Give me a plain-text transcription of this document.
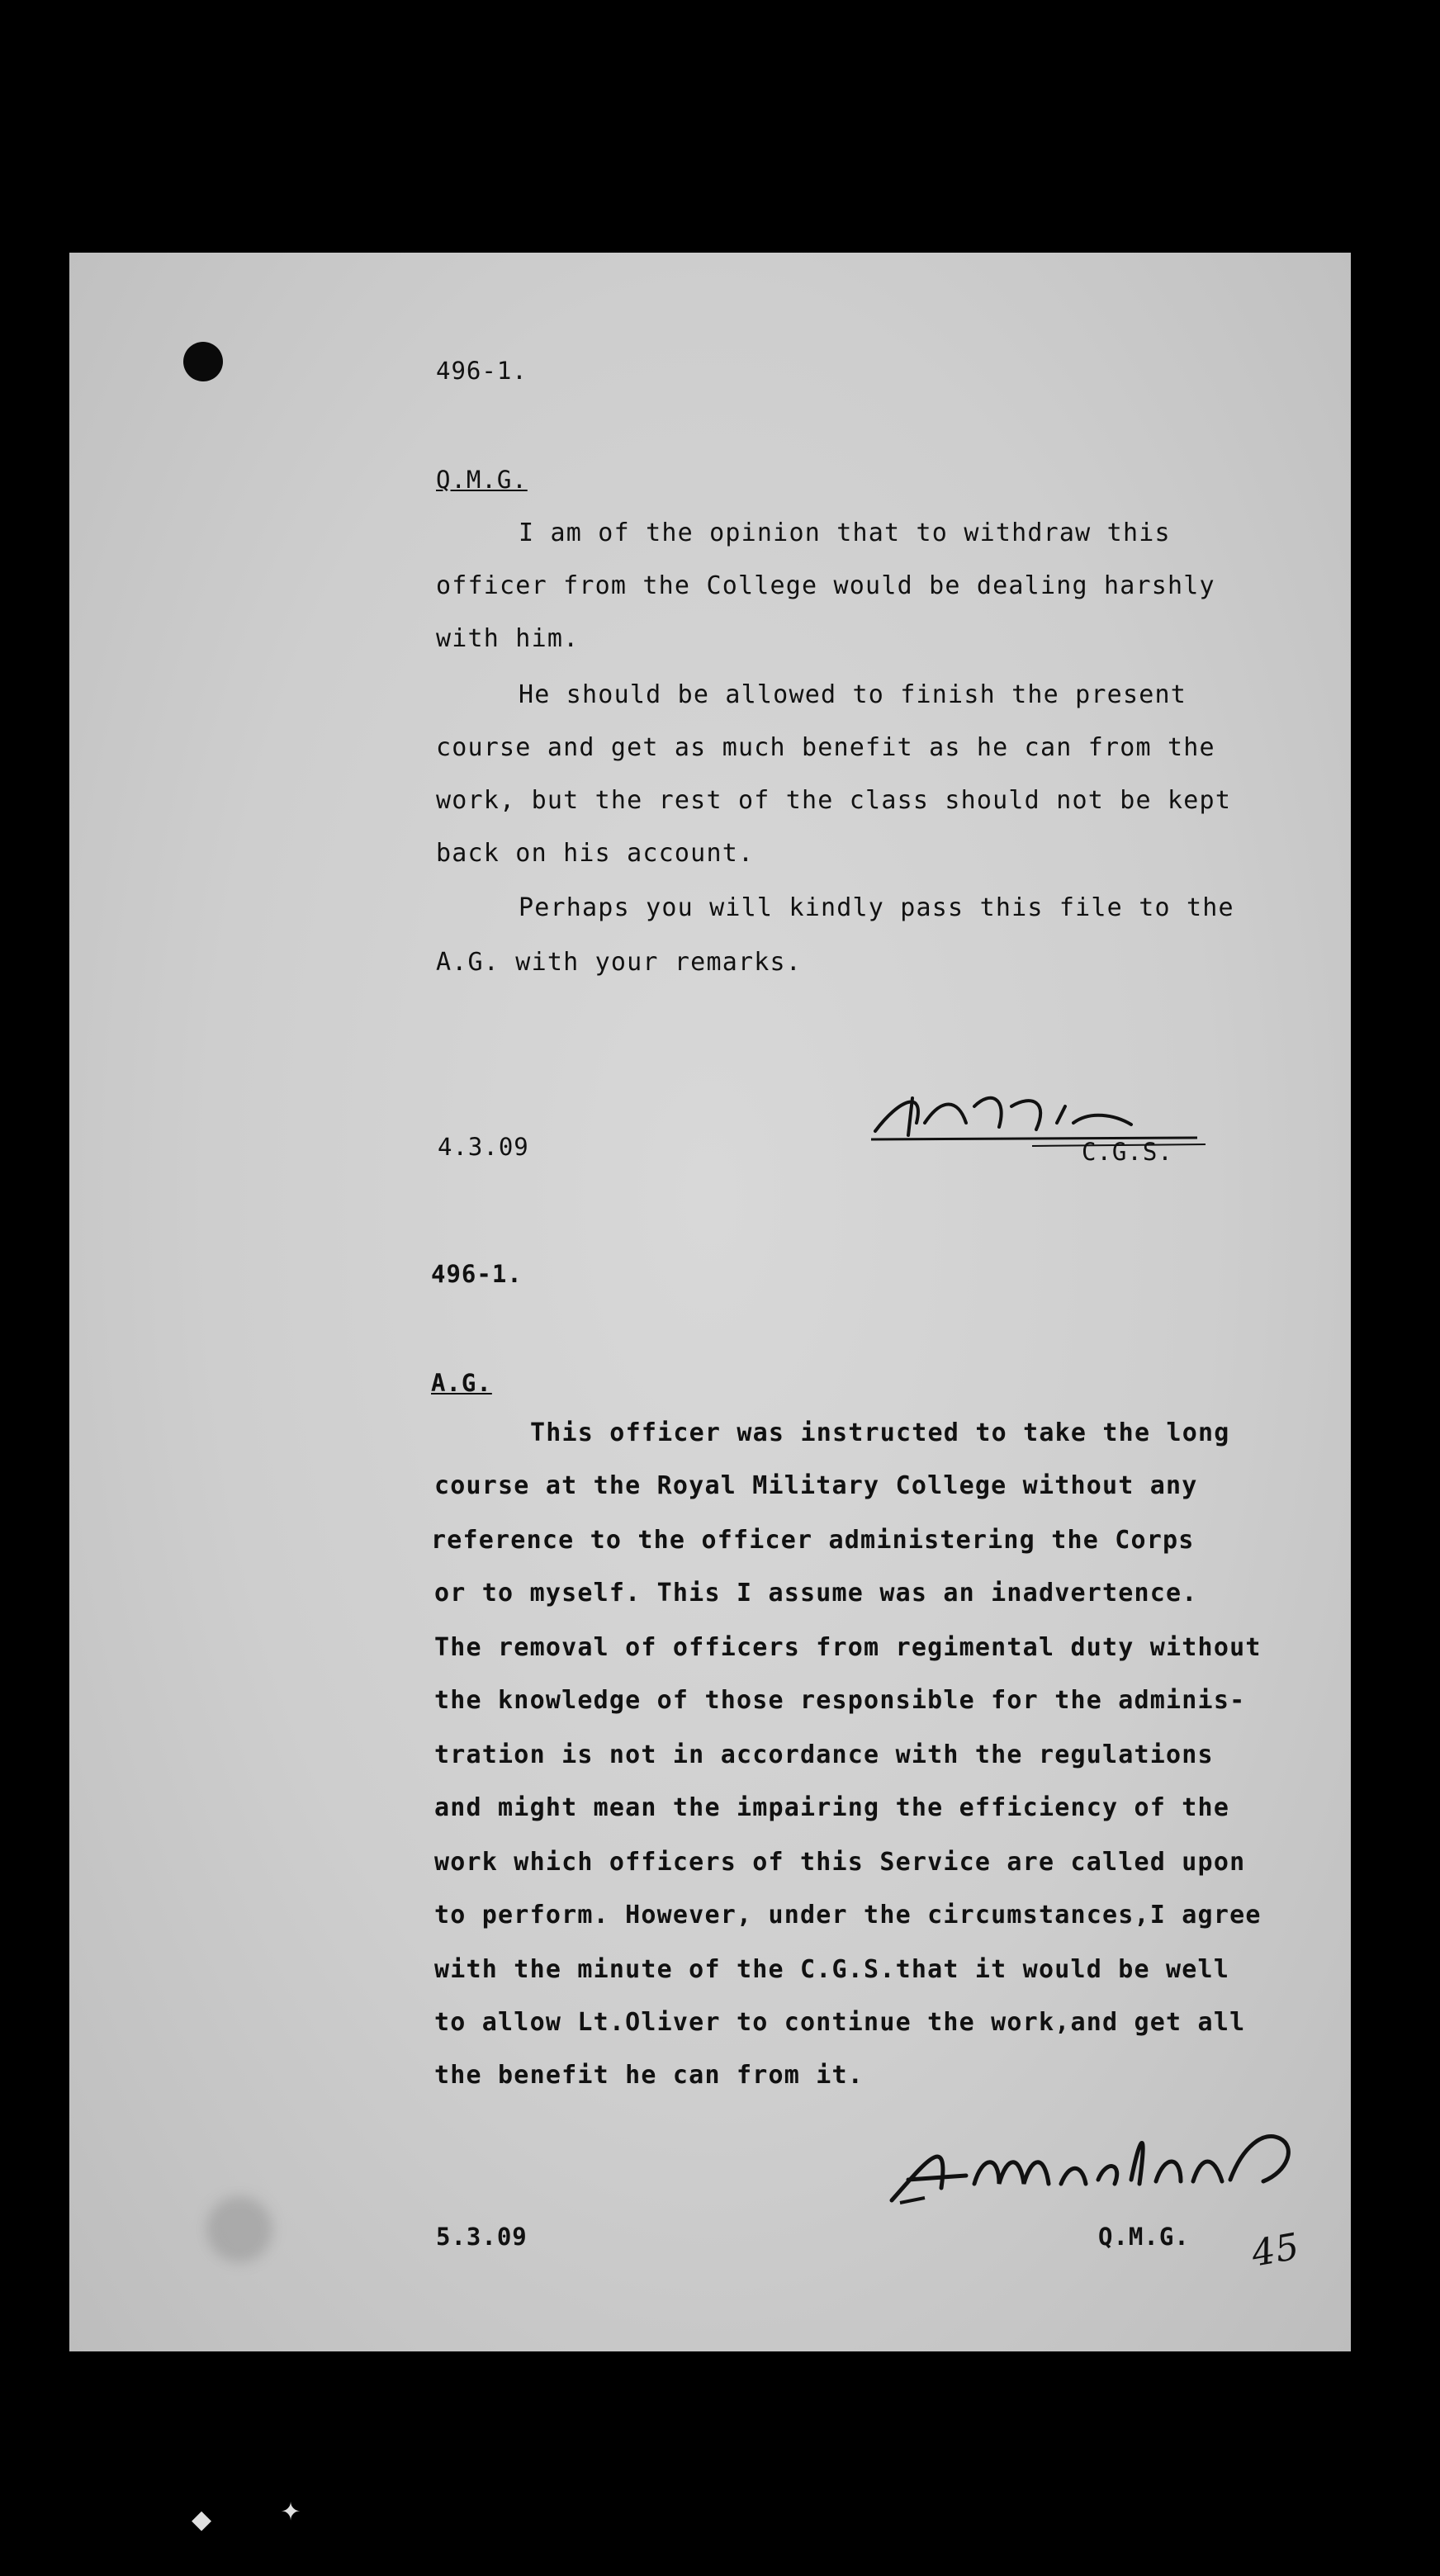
496-1.
Q.M.G.
I am of the opinion that to withdraw this
officer from the College would be dealing harshly
with him.
He should be allowed to finish the present
course and get as much benefit as he can from the
work, but the rest of the class should not be kept
back on his account.
Perhaps you will kindly pass this file to the
A.G. with your remarks.
4.3.09	C.G.S.
496-1.
A.G.
This officer was instructed to take the long
course at the Royal Military College without any
reference to the officer administering the Corps
or to myself. This I assume was an inadvertence.
The removal of officers from regimental duty without
the knowledge of those responsible for the adminis-
tration is not in accordance with the regulations
and might mean the impairing the efficiency of the
work which officers of this Service are called upon
to perform. However, under the circumstances,I agree
with the minute of the C.G.S.that it would be well
to allow Lt.Oliver to continue the work,and get all
the benefit he can from it.
5.3.09	Q.M.G. 45
◆ ✦
